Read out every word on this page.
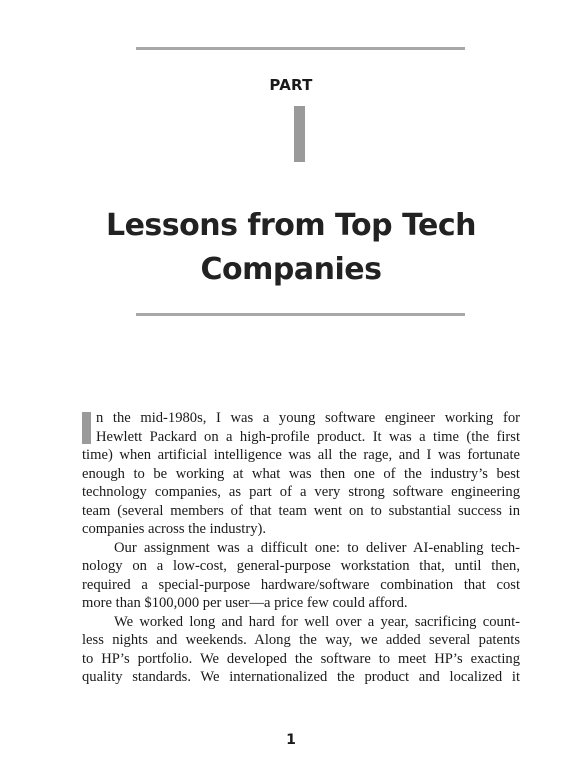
PART
Lessons from Top Tech
Companies
n the mid-1980s, I was a young software engineer working for
Hewlett Packard on a high-profile product. It was a time (the first
time) when artificial intelligence was all the rage, and I was fortunate
enough to be working at what was then one of the industry’s best
technology companies, as part of a very strong software engineering
team (several members of that team went on to substantial success in
companies across the industry).
Our assignment was a difficult one: to deliver AI-enabling tech-
nology on a low-cost, general-purpose workstation that, until then,
required a special-purpose hardware/software combination that cost
more than $100,000 per user—a price few could afford.
We worked long and hard for well over a year, sacrificing count-
less nights and weekends. Along the way, we added several patents
to HP’s portfolio. We developed the software to meet HP’s exacting
quality standards. We internationalized the product and localized it
1
